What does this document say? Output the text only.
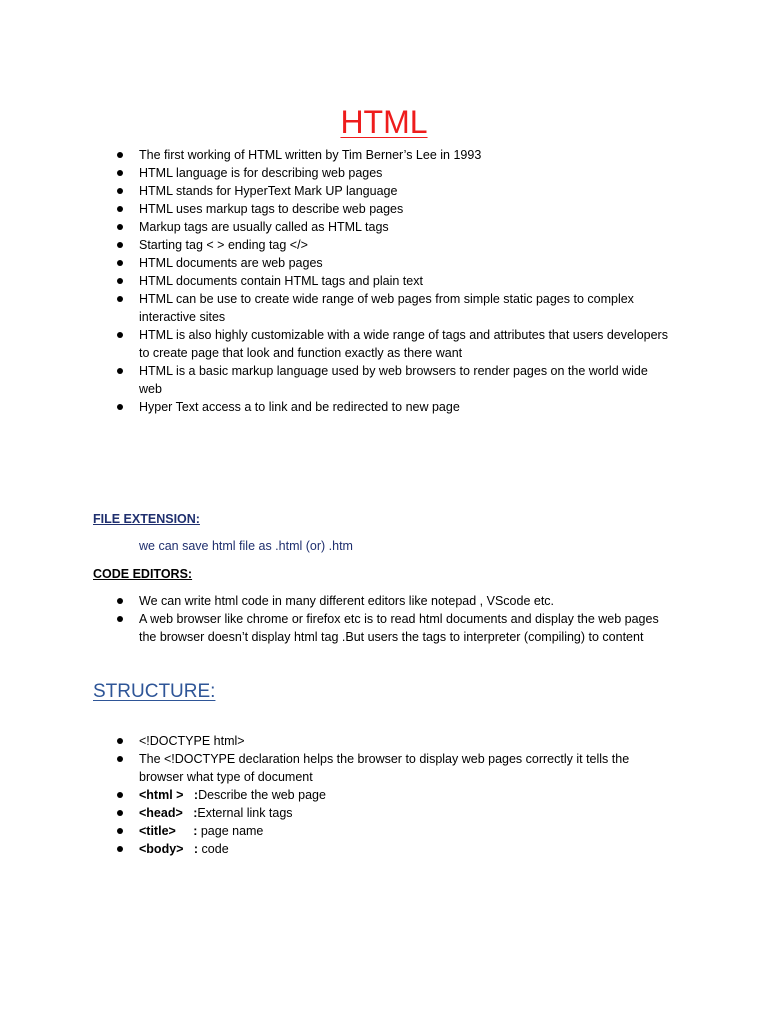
HTML
The first working of HTML written by Tim Berner’s Lee in 1993
HTML language is for describing web pages
HTML stands for HyperText Mark UP language
HTML uses markup tags to describe web pages
Markup tags are usually called as HTML tags
Starting tag < > ending tag </>
HTML documents are web pages
HTML documents contain HTML tags and plain text
HTML can be use to create wide range of web pages from simple static pages to complex interactive sites
HTML is also highly customizable with a wide range of tags and attributes that users developers to create page that look and function exactly as there want
HTML is a basic markup language used by web browsers to render pages on the world wide web
Hyper Text access a to link and be redirected to new page
FILE EXTENSION:
we can save html file as .html (or) .htm
CODE EDITORS:
We can write html code in many different editors like notepad , VScode etc.
A web browser like chrome or firefox etc is to read html documents and display the web pages the browser doesn’t display html tag .But users the tags to interpreter (compiling) to content
STRUCTURE:
<!DOCTYPE html>
The <!DOCTYPE declaration helps the browser to display web pages correctly it tells the browser what type of document
<html >   :Describe the web page
<head>   :External link tags
<title>     : page name
<body>   : code
